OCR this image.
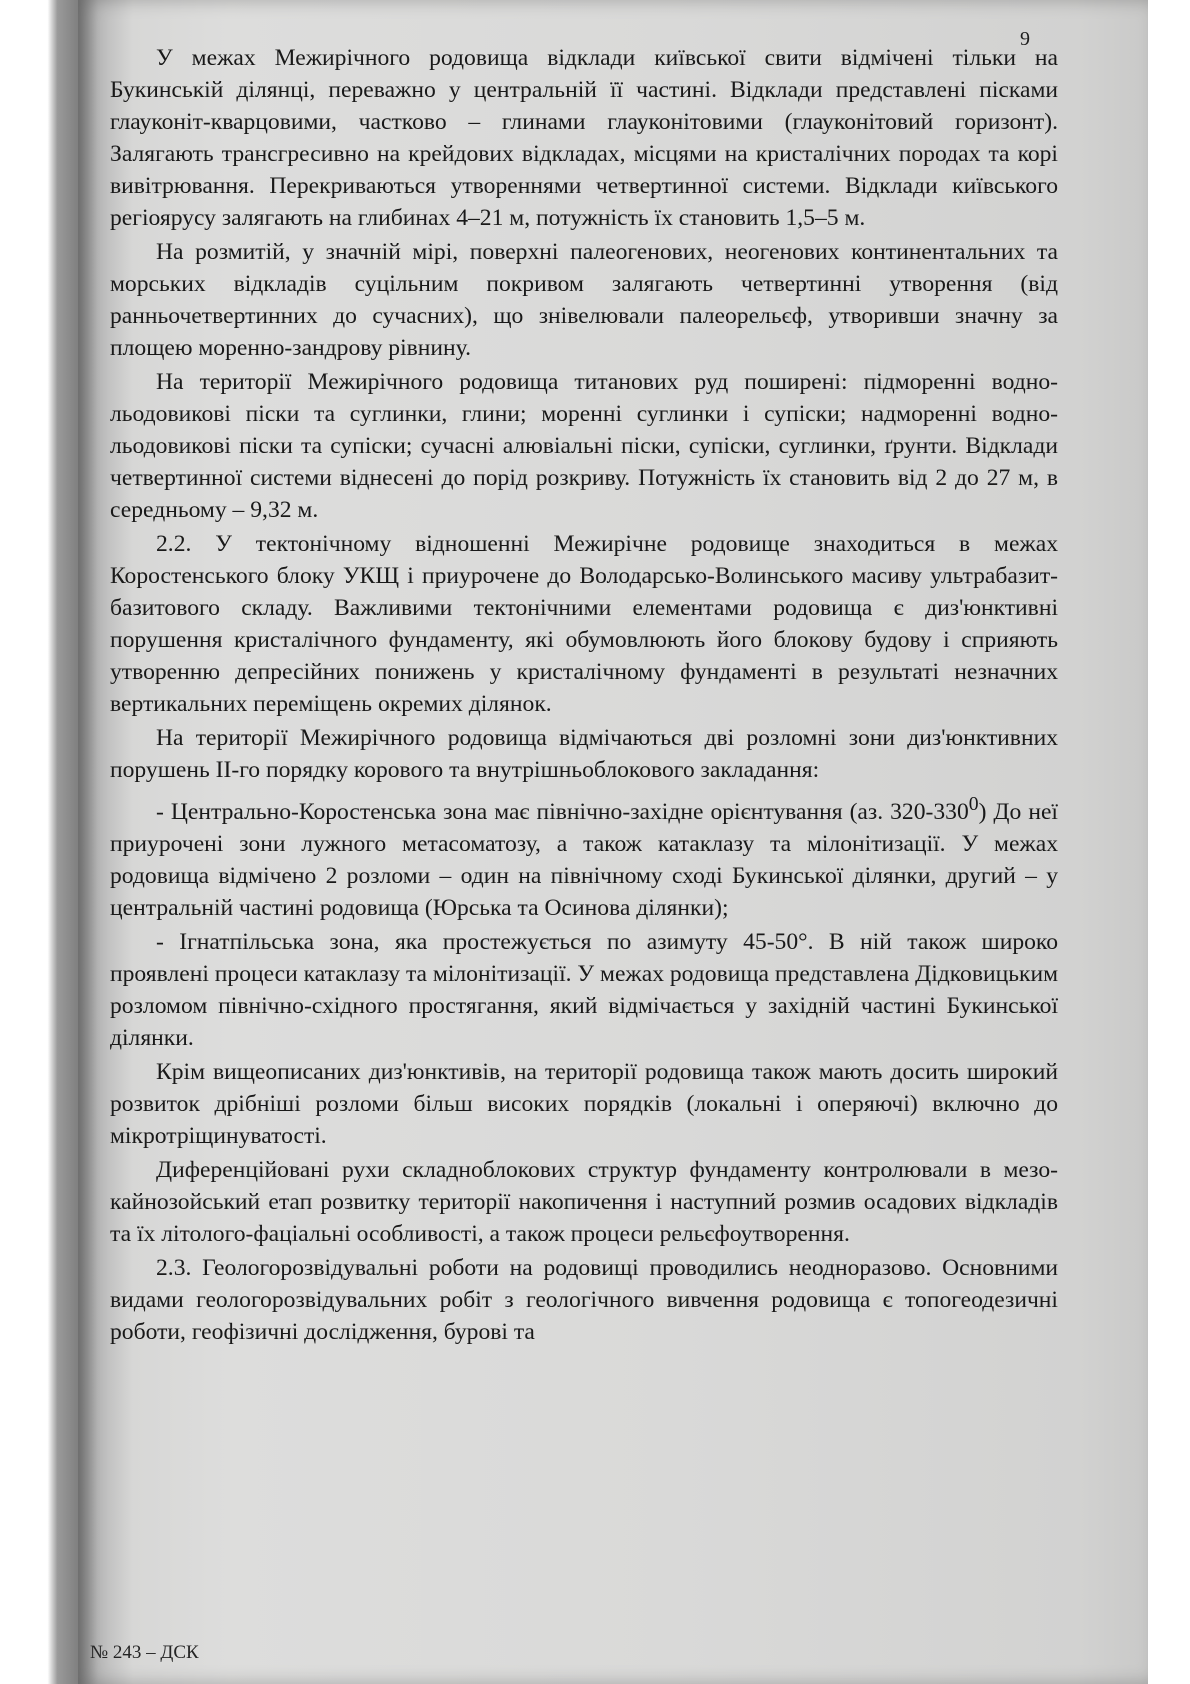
9

У межах Межирічного родовища відклади київської свити відмічені тільки на Букинській ділянці, переважно у центральній її частині. Відклади представлені пісками глауконіт-кварцовими, частково – глинами глауконітовими (глауконітовий горизонт). Залягають трансгресивно на крейдових відкладах, місцями на кристалічних породах та корі вивітрювання. Перекриваються утвореннями четвертинної системи. Відклади київського регіоярусу залягають на глибинах 4–21 м, потужність їх становить 1,5–5 м.

На розмитій, у значній мірі, поверхні палеогенових, неогенових континентальних та морських відкладів суцільним покривом залягають четвертинні утворення (від ранньочетвертинних до сучасних), що знівелювали палеорельєф, утворивши значну за площею моренно-зандрову рівнину.

На території Межирічного родовища титанових руд поширені: підморенні водно-льодовикові піски та суглинки, глини; моренні суглинки і супіски; надморенні водно-льодовикові піски та супіски; сучасні алювіальні піски, супіски, суглинки, ґрунти. Відклади четвертинної системи віднесені до порід розкриву. Потужність їх становить від 2 до 27 м, в середньому – 9,32 м.

2.2. У тектонічному відношенні Межирічне родовище знаходиться в межах Коростенського блоку УКЩ і приурочене до Володарсько-Волинського масиву ультрабазит-базитового складу. Важливими тектонічними елементами родовища є диз'юнктивні порушення кристалічного фундаменту, які обумовлюють його блокову будову і сприяють утворенню депресійних понижень у кристалічному фундаменті в результаті незначних вертикальних переміщень окремих ділянок.

На території Межирічного родовища відмічаються дві розломні зони диз'юнктивних порушень ІІ-го порядку корового та внутрішньоблокового закладання:

- Центрально-Коростенська зона має північно-західне орієнтування (аз. $320-330^0$) До неї приурочені зони лужного метасоматозу, а також катаклазу та мілонітизації. У межах родовища відмічено 2 розломи – один на північному сході Букинської ділянки, другий – у центральній частині родовища (Юрська та Осинова ділянки);

- Ігнатпільська зона, яка простежується по азимуту 45-50°. В ній також широко проявлені процеси катаклазу та мілонітизації. У межах родовища представлена Дідковицьким розломом північно-східного простягання, який відмічається у західній частині Букинської ділянки.

Крім вищеописаних диз'юнктивів, на території родовища також мають досить широкий розвиток дрібніші розломи більш високих порядків (локальні і оперяючі) включно до мікротріщинуватості.

Диференційовані рухи складноблокових структур фундаменту контролювали в мезо-кайнозойський етап розвитку території накопичення і наступний розмив осадових відкладів та їх літолого-фаціальні особливості, а також процеси рельєфоутворення.

2.3. Геологорозвідувальні роботи на родовищі проводились неодноразово. Основними видами геологорозвідувальних робіт з геологічного вивчення родовища є топогеодезичні роботи, геофізичні дослідження, бурові та

№ 243 – ДСК
